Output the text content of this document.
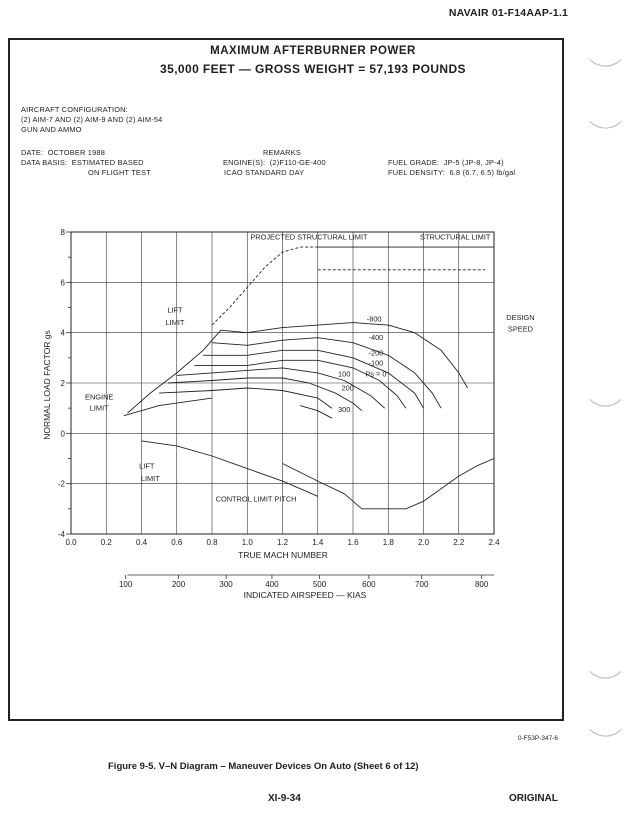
NAVAIR 01-F14AAP-1.1
MAXIMUM AFTERBURNER POWER
35,000 FEET — GROSS WEIGHT = 57,193 POUNDS
AIRCRAFT CONFIGURATION:
(2) AIM-7 AND (2) AIM-9 AND (2) AIM-54
GUN AND AMMO
DATE:  OCTOBER 1988
DATA BASIS:  ESTIMATED BASED
ON FLIGHT TEST
REMARKS
ENGINE(S):  (2)F110-GE-400
ICAO STANDARD DAY
FUEL GRADE:  JP-5 (JP-8, JP-4)
FUEL DENSITY:  6.8 (6.7, 6.5) lb/gal
0.0	0.2	0.4	0.6	0.8	1.0	1.2	1.4	1.6	1.8	2.0	2.2	2.4
-4
-2
0
2
4
6
8
100	200	300	400	500	600	700	800
PROJECTED STRUCTURAL LIMIT	STRUCTURAL LIMIT
LIFT
LIMIT
ENGINE
LIMIT
DESIGN
SPEED
-800
-400
-200
-100
Ps = 0
100
200
300
LIFT
LIMIT
CONTROL LIMIT PITCH
TRUE MACH NUMBER
NORMAL LOAD FACTOR gs
INDICATED AIRSPEED — KIAS
0-F53P-347-6
Figure 9-5. V–N Diagram – Maneuver Devices On Auto (Sheet 6 of 12)
XI-9-34	ORIGINAL
